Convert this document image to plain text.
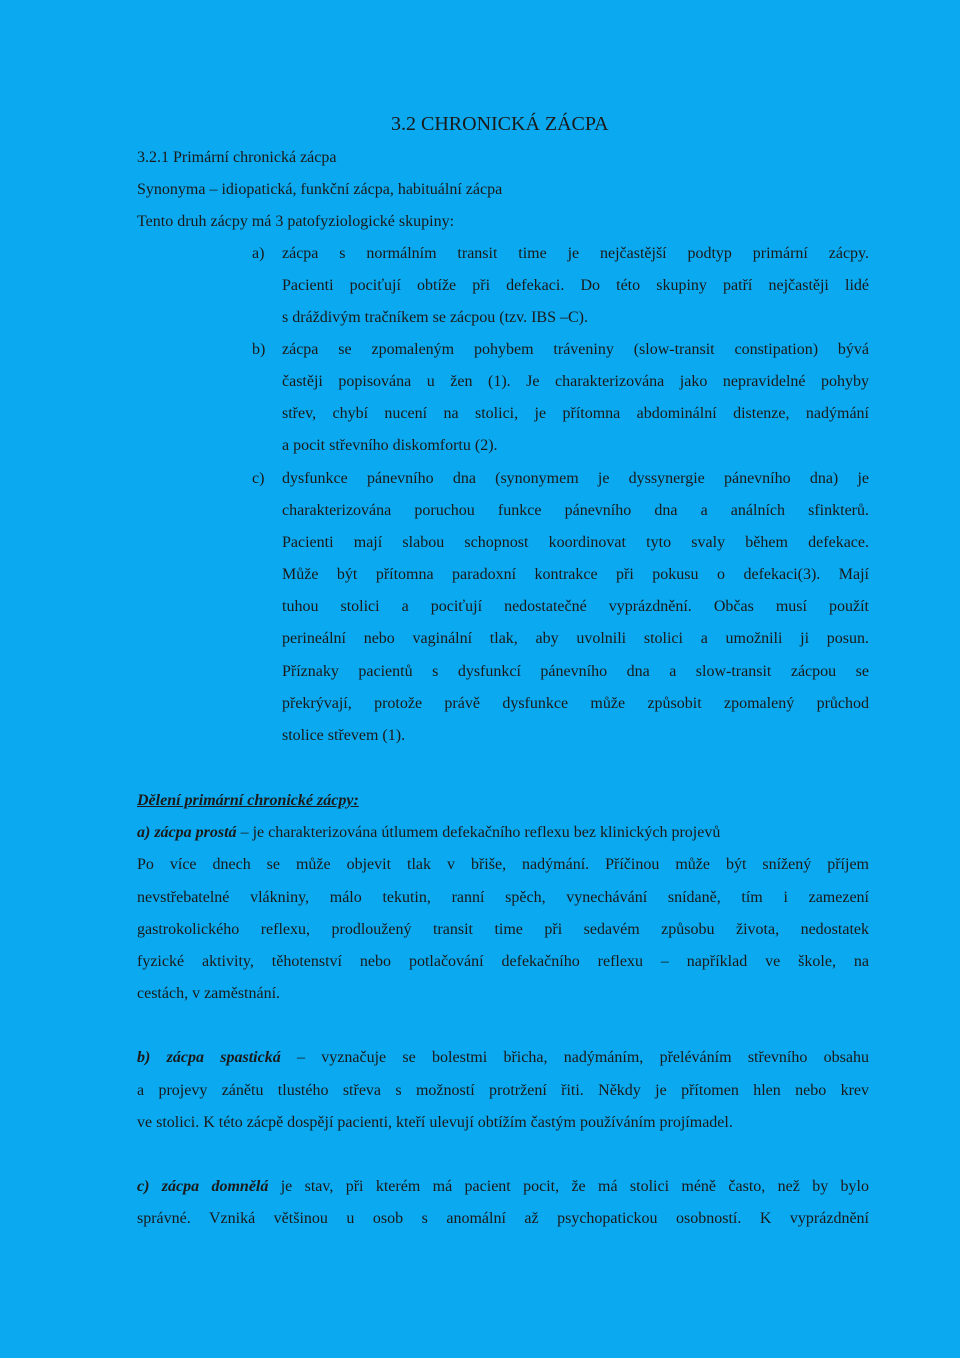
3.2 CHRONICKÁ ZÁCPA
3.2.1 Primární chronická zácpa
Synonyma – idiopatická, funkční zácpa, habituální zácpa
Tento druh zácpy má 3 patofyziologické skupiny:
a) zácpa s normálním transit time je nejčastější podtyp primární zácpy.
Pacienti pociťují obtíže při defekaci. Do této skupiny patří nejčastěji lidé
s dráždivým tračníkem se zácpou (tzv. IBS –C).
b) zácpa se zpomaleným pohybem tráveniny (slow-transit constipation) bývá
častěji popisována u žen (1). Je charakterizována jako nepravidelné pohyby
střev, chybí nucení na stolici, je přítomna abdominální distenze, nadýmání
a pocit střevního diskomfortu (2).
c) dysfunkce pánevního dna (synonymem je dyssynergie pánevního dna) je
charakterizována poruchou funkce pánevního dna a análních sfinkterů.
Pacienti mají slabou schopnost koordinovat tyto svaly během defekace.
Může být přítomna paradoxní kontrakce při pokusu o defekaci(3). Mají
tuhou stolici a pociťují nedostatečné vyprázdnění. Občas musí použít
perineální nebo vaginální tlak, aby uvolnili stolici a umožnili ji posun.
Příznaky pacientů s dysfunkcí pánevního dna a slow-transit zácpou se
překrývají, protože právě dysfunkce může způsobit zpomalený průchod
stolice střevem (1).
Dělení primární chronické zácpy:
a) zácpa prostá – je charakterizována útlumem defekačního reflexu bez klinických projevů
Po více dnech se může objevit tlak v břiše, nadýmání. Příčinou může být snížený příjem
nevstřebatelné vlákniny, málo tekutin, ranní spěch, vynechávání snídaně, tím i zamezení
gastrokolického reflexu, prodloužený transit time při sedavém způsobu života, nedostatek
fyzické aktivity, těhotenství nebo potlačování defekačního reflexu – například ve škole, na
cestách, v zaměstnání.
b) zácpa spastická – vyznačuje se bolestmi břicha, nadýmáním, přeléváním střevního obsahu
a projevy zánětu tlustého střeva s možností protržení řiti. Někdy je přítomen hlen nebo krev
ve stolici. K této zácpě dospějí pacienti, kteří ulevují obtížím častým používáním projímadel.
c) zácpa domnělá je stav, při kterém má pacient pocit, že má stolici méně často, než by bylo
správné. Vzniká většinou u osob s anomální až psychopatickou osobností. K vyprázdnění
